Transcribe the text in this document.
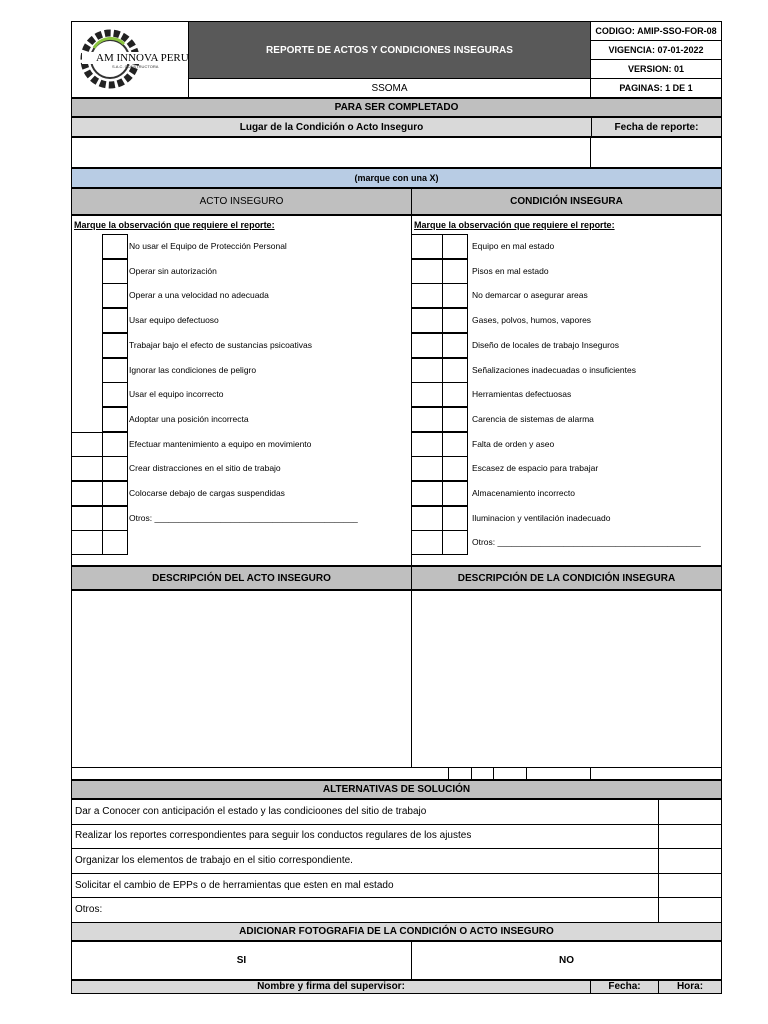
AM INNOVA PERU
S.A.C. CONSTRUCTORA
REPORTE DE ACTOS Y CONDICIONES INSEGURAS
SSOMA
CODIGO: AMIP-SSO-FOR-08
VIGENCIA: 07-01-2022
VERSION: 01
PAGINAS: 1 DE 1
PARA SER COMPLETADO
Lugar de la Condición o Acto Inseguro	Fecha de reporte:
(marque con una X)
ACTO INSEGURO	CONDICIÓN INSEGURA
Marque la observación que requiere el reporte:	Marque la observación que requiere el reporte:
No usar el Equipo de Protección Personal
Operar sin autorización
Operar a una velocidad no adecuada
Usar equipo defectuoso
Trabajar bajo el efecto de sustancias psicoativas
Ignorar las condiciones de peligro
Usar el equipo incorrecto
Adoptar una posición incorrecta
Efectuar mantenimiento a equipo en movimiento
Crear distracciones en el sitio de trabajo
Colocarse debajo de cargas suspendidas
Otros: ___________________________________________
Equipo en mal estado
Pisos en mal estado
No demarcar o asegurar areas
Gases, polvos, humos, vapores
Diseño de locales de trabajo Inseguros
Señalizaciones inadecuadas o insuficientes
Herramientas defectuosas
Carencia de sistemas de alarma
Falta de orden y aseo
Escasez de espacio para trabajar
Almacenamiento incorrecto
Iluminacion y ventilación inadecuado
Otros: ___________________________________________
DESCRIPCIÓN DEL ACTO INSEGURO	DESCRIPCIÓN DE LA CONDICIÓN INSEGURA
ALTERNATIVAS DE SOLUCIÓN
Dar a Conocer con anticipación el estado y las condicioones del sitio de trabajo
Realizar los reportes correspondientes para seguir los conductos regulares de los ajustes
Organizar los elementos de trabajo en el sitio correspondiente.
Solicitar el cambio de EPPs o de herramientas que esten en mal estado
Otros:
ADICIONAR FOTOGRAFIA DE LA CONDICIÓN O ACTO INSEGURO
SI	NO
Nombre y firma del supervisor:	Fecha:	Hora:
